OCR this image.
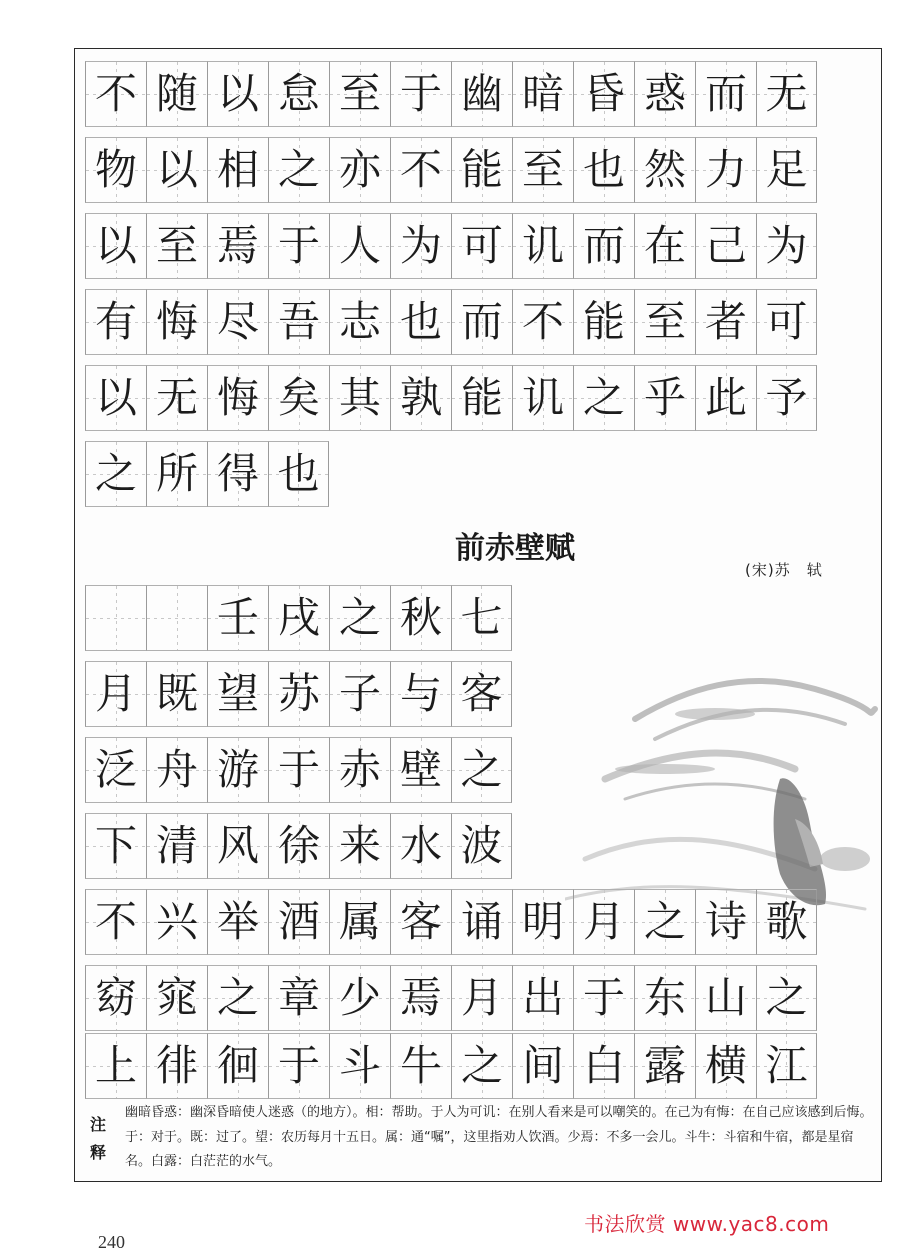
不 随 以 怠 至 于 幽 暗 昏 惑 而 无
物 以 相 之 亦 不 能 至 也 然 力 足
以 至 焉 于 人 为 可 讥 而 在 己 为
有 悔 尽 吾 志 也 而 不 能 至 者 可
以 无 悔 矣 其 孰 能 讥 之 乎 此 予
之 所 得 也
前赤壁赋
(宋)苏　轼
壬 戌 之 秋 七
月 既 望 苏 子 与 客
泛 舟 游 于 赤 壁 之
下 清 风 徐 来 水 波
不 兴 举 酒 属 客 诵 明 月 之 诗 歌
窈 窕 之 章 少 焉 月 出 于 东 山 之
上 徘 徊 于 斗 牛 之 间 白 露 横 江
注
释
幽暗昏惑：幽深昏暗使人迷惑（的地方）。相：帮助。于人为可讥：在别人看来是可以嘲笑的。在己为有悔：在自己应该感到后悔。于：对于。既：过了。望：农历每月十五日。属：通“嘱”，这里指劝人饮酒。少焉：不多一会儿。斗牛：斗宿和牛宿，都是星宿名。白露：白茫茫的水气。
240
书法欣赏 www.yac8.com
